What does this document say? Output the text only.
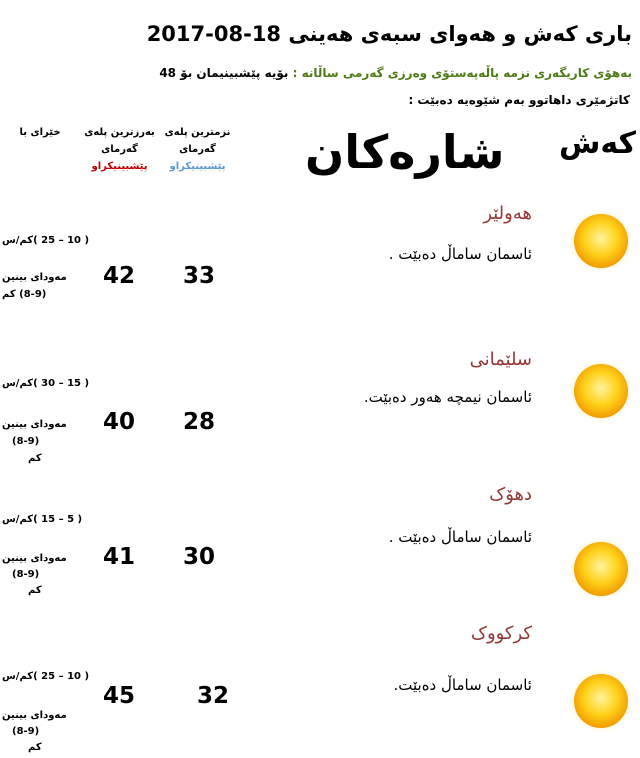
باری کەش و هەوای سبەی هەینی 18-08-2017
بەهۆی کاریگەری نزمە پاڵەپەستۆی وەرزی گەرمی ساڵانە : بۆیە پێشبینیمان بۆ 48
کاتژمێری داهاتوو بەم شێوەیە دەبێت :
کەش
شارەکان
نزمترین پلەی
گەرمای
پێشبینیکراو
بەرزترین پلەی
گەرمای
پێشبینیکراو
خێرای با
هەولێر
ئاسمان ساماڵ دەبێت .
33
42
( 10 – 25 )کم/س
مەودای بینین
(8-9) کم
سلێمانی
ئاسمان نیمچە هەور دەبێت.
28
40
( 15 – 30 )کم/س
مەودای بینین
(8-9)
کم
دهۆک
ئاسمان ساماڵ دەبێت .
30
41
( 5 – 15 )کم/س
مەودای بینین
(8-9)
کم
کرکووک
ئاسمان ساماڵ دەبێت.
32
45
( 10 – 25 )کم/س
مەودای بینین
(8-9)
کم
